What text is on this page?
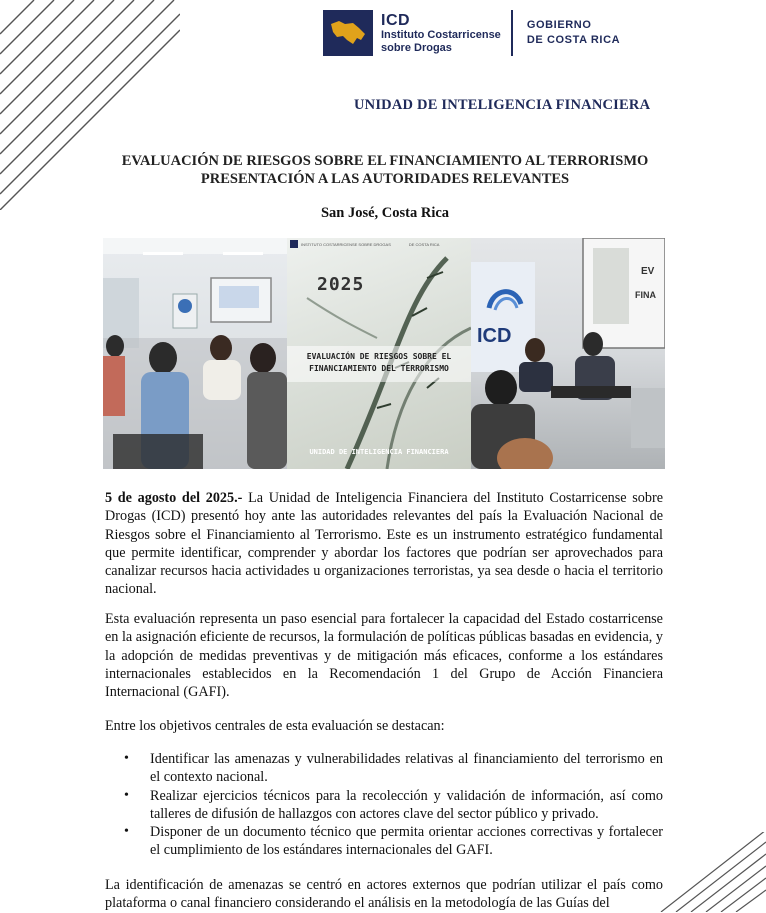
ICD
Instituto Costarricense
sobre Drogas
GOBIERNO
DE COSTA RICA
UNIDAD DE INTELIGENCIA FINANCIERA
EVALUACIÓN DE RIESGOS SOBRE EL FINANCIAMIENTO AL TERRORISMO
PRESENTACIÓN A LAS AUTORIDADES RELEVANTES
San José, Costa Rica
INSTITUTO COSTARRICENSE SOBRE DROGAS	DE COSTA RICA
2025
EVALUACIÓN DE RIESGOS SOBRE EL
FINANCIAMIENTO DEL TERRORISMO
UNIDAD DE INTELIGENCIA FINANCIERA
ICD
EV
FINA
5 de agosto del 2025.- La Unidad de Inteligencia Financiera del Instituto Costarricense sobre Drogas (ICD) presentó hoy ante las autoridades relevantes del país la Evaluación Nacional de Riesgos sobre el Financiamiento al Terrorismo. Este es un instrumento estratégico fundamental que permite identificar, comprender y abordar los factores que podrían ser aprovechados para canalizar recursos hacia actividades u organizaciones terroristas, ya sea desde o hacia el territorio nacional.
Esta evaluación representa un paso esencial para fortalecer la capacidad del Estado costarricense en la asignación eficiente de recursos, la formulación de políticas públicas basadas en evidencia, y la adopción de medidas preventivas y de mitigación más eficaces, conforme a los estándares internacionales establecidos en la Recomendación 1 del Grupo de Acción Financiera Internacional (GAFI).
Entre los objetivos centrales de esta evaluación se destacan:
• Identificar las amenazas y vulnerabilidades relativas al financiamiento del terrorismo en el contexto nacional.
• Realizar ejercicios técnicos para la recolección y validación de información, así como talleres de difusión de hallazgos con actores clave del sector público y privado.
• Disponer de un documento técnico que permita orientar acciones correctivas y fortalecer el cumplimiento de los estándares internacionales del GAFI.
La identificación de amenazas se centró en actores externos que podrían utilizar el país como plataforma o canal financiero considerando el análisis en la metodología de las Guías del
